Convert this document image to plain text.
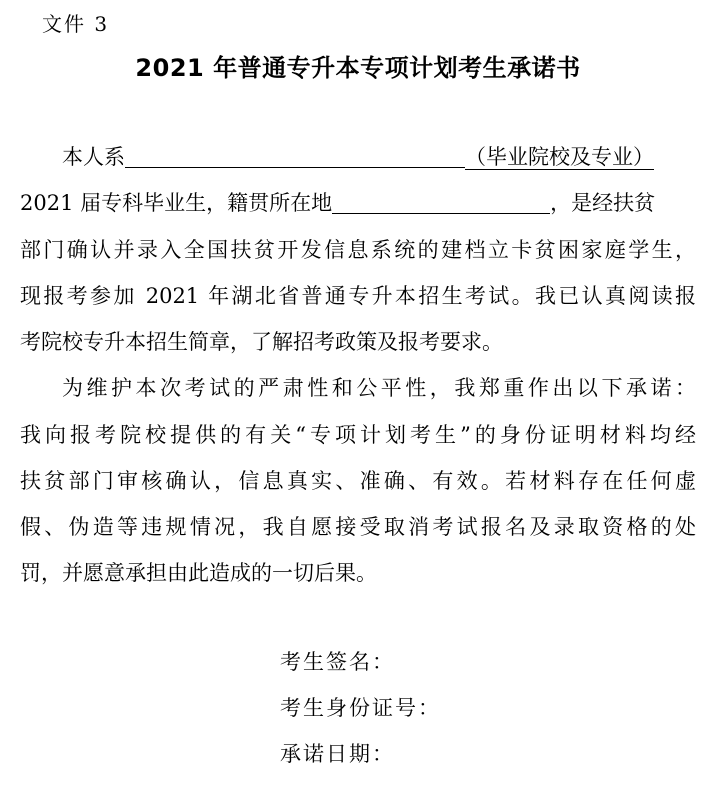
文件 3
2021 年普通专升本专项计划考生承诺书
本人系	（毕业院校及专业）
2021 届专科毕业生，籍贯所在地	，是经扶贫
部门确认并录入全国扶贫开发信息系统的建档立卡贫困家庭学生，
现报考参加 2021 年湖北省普通专升本招生考试。我已认真阅读报
考院校专升本招生简章，了解招考政策及报考要求。
为维护本次考试的严肃性和公平性，我郑重作出以下承诺：
我向报考院校提供的有关“专项计划考生”的身份证明材料均经
扶贫部门审核确认，信息真实、准确、有效。若材料存在任何虚
假、伪造等违规情况，我自愿接受取消考试报名及录取资格的处
罚，并愿意承担由此造成的一切后果。
考生签名：
考生身份证号：
承诺日期：
